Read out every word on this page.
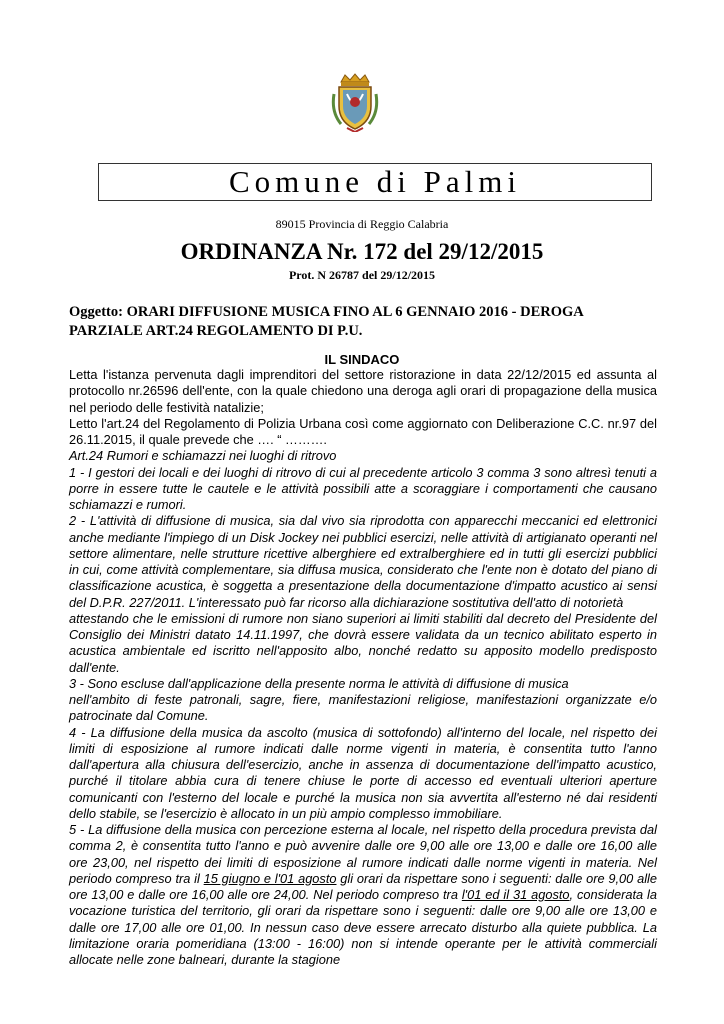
Comune di Palmi
89015 Provincia di Reggio Calabria
ORDINANZA Nr. 172 del 29/12/2015
Prot. N 26787 del 29/12/2015
Oggetto: ORARI DIFFUSIONE MUSICA FINO AL 6 GENNAIO 2016 - DEROGA PARZIALE ART.24 REGOLAMENTO DI P.U.
IL SINDACO

Letta l'istanza pervenuta dagli imprenditori del settore ristorazione in data 22/12/2015 ed assunta al protocollo nr.26596 dell'ente, con la quale chiedono una deroga agli orari di propagazione della musica nel periodo delle festività natalizie;

Letto l'art.24 del Regolamento di Polizia Urbana così come aggiornato con Deliberazione C.C. nr.97 del 26.11.2015, il quale prevede che …. “ ……….

Art.24 Rumori e schiamazzi nei luoghi di ritrovo

1 - I gestori dei locali e dei luoghi di ritrovo di cui al precedente articolo 3 comma 3 sono altresì tenuti a porre in essere tutte le cautele e le attività possibili atte a scoraggiare i comportamenti che causano schiamazzi e rumori.

2 - L'attività di diffusione di musica, sia dal vivo sia riprodotta con apparecchi meccanici ed elettronici anche mediante l'impiego di un Disk Jockey nei pubblici esercizi, nelle attività di artigianato operanti nel settore alimentare, nelle strutture ricettive alberghiere ed extralberghiere ed in tutti gli esercizi pubblici in cui, come attività complementare, sia diffusa musica, considerato che l'ente non è dotato del piano di classificazione acustica, è soggetta a presentazione della documentazione d'impatto acustico ai sensi del D.P.R. 227/2011. L'interessato può far ricorso alla dichiarazione sostitutiva dell'atto di notorietà

attestando che le emissioni di rumore non siano superiori ai limiti stabiliti dal decreto del Presidente del Consiglio dei Ministri datato 14.11.1997, che dovrà essere validata da un tecnico abilitato esperto in acustica ambientale ed iscritto nell'apposito albo, nonché redatto su apposito modello predisposto dall'ente.

3 - Sono escluse dall'applicazione della presente norma le attività di diffusione di musica

nell'ambito di feste patronali, sagre, fiere, manifestazioni religiose, manifestazioni organizzate e/o patrocinate dal Comune.

4 - La diffusione della musica da ascolto (musica di sottofondo) all'interno del locale, nel rispetto dei limiti di esposizione al rumore indicati dalle norme vigenti in materia, è consentita tutto l'anno dall'apertura alla chiusura dell'esercizio, anche in assenza di documentazione dell'impatto acustico, purché il titolare abbia cura di tenere chiuse le porte di accesso ed eventuali ulteriori aperture comunicanti con l'esterno del locale e purché la musica non sia avvertita all'esterno né dai residenti dello stabile, se l'esercizio è allocato in un più ampio complesso immobiliare.

5 - La diffusione della musica con percezione esterna al locale, nel rispetto della procedura prevista dal comma 2, è consentita tutto l'anno e può avvenire dalle ore 9,00 alle ore 13,00 e dalle ore 16,00 alle ore 23,00, nel rispetto dei limiti di esposizione al rumore indicati dalle norme vigenti in materia. Nel periodo compreso tra il 15 giugno e l'01 agosto gli orari da rispettare sono i seguenti: dalle ore 9,00 alle ore 13,00 e dalle ore 16,00 alle ore 24,00. Nel periodo compreso tra l'01 ed il 31 agosto, considerata la vocazione turistica del territorio, gli orari da rispettare sono i seguenti: dalle ore 9,00 alle ore 13,00 e dalle ore 17,00 alle ore 01,00. In nessun caso deve essere arrecato disturbo alla quiete pubblica. La limitazione oraria pomeridiana (13:00 - 16:00) non si intende operante per le attività commerciali allocate nelle zone balneari, durante la stagione
